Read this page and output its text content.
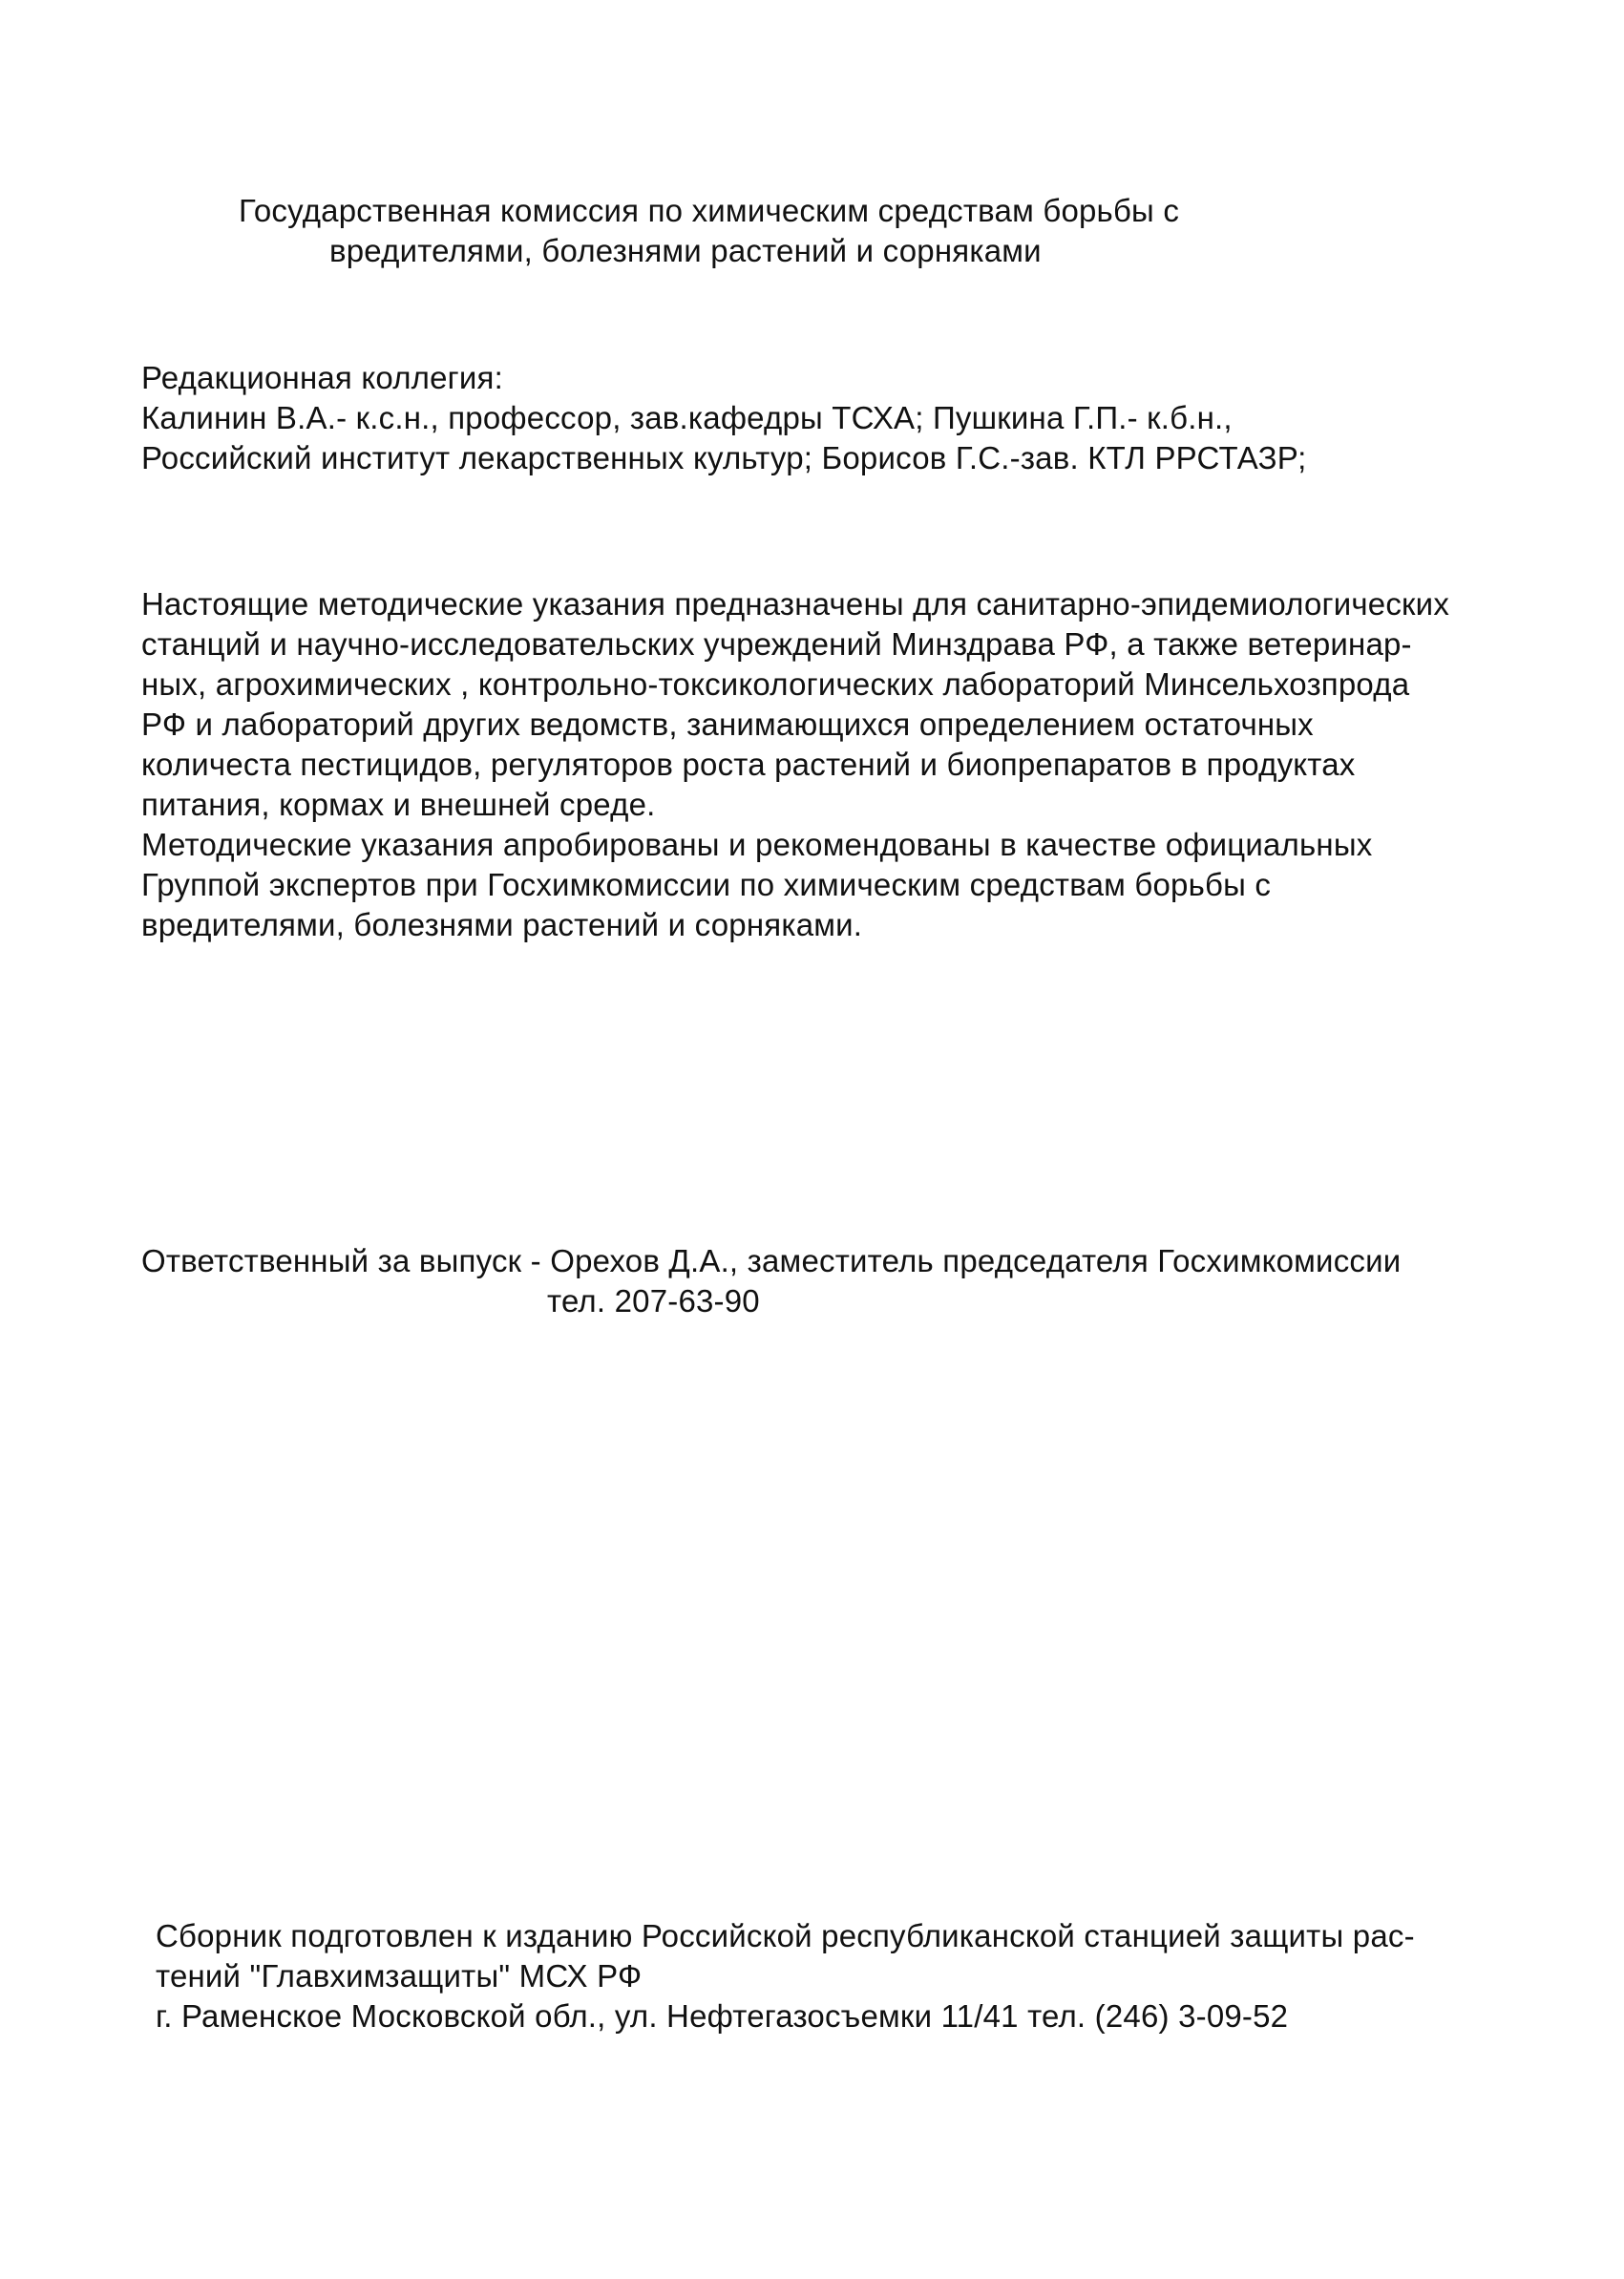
Государственная комиссия по химическим средствам борьбы с
вредителями, болезнями растений и сорняками
Редакционная коллегия:
Калинин В.А.- к.с.н., профессор, зав.кафедры ТСХА; Пушкина Г.П.- к.б.н.,
Российский институт лекарственных культур; Борисов Г.С.-зав. КТЛ РРСТАЗР;
Настоящие методические указания предназначены для санитарно-эпидемиологических
станций и научно-исследовательских учреждений Минздрава РФ, а также ветеринар-
ных, агрохимических , контрольно-токсикологических лабораторий Минсельхозпрода
РФ и лабораторий других ведомств, занимающихся определением остаточных
количеста пестицидов, регуляторов роста растений и биопрепаратов в продуктах
питания, кормах и внешней среде.
Методические указания апробированы и рекомендованы в качестве официальных
Группой экспертов при Госхимкомиссии по химическим средствам борьбы с
вредителями, болезнями растений и сорняками.
Ответственный за выпуск - Орехов Д.А., заместитель председателя Госхимкомиссии
тел. 207-63-90
Сборник подготовлен к изданию Российской республиканской станцией защиты рас-
тений "Главхимзащиты" МСХ РФ
г. Раменское Московской обл., ул. Нефтегазосъемки 11/41 тел. (246) 3-09-52
